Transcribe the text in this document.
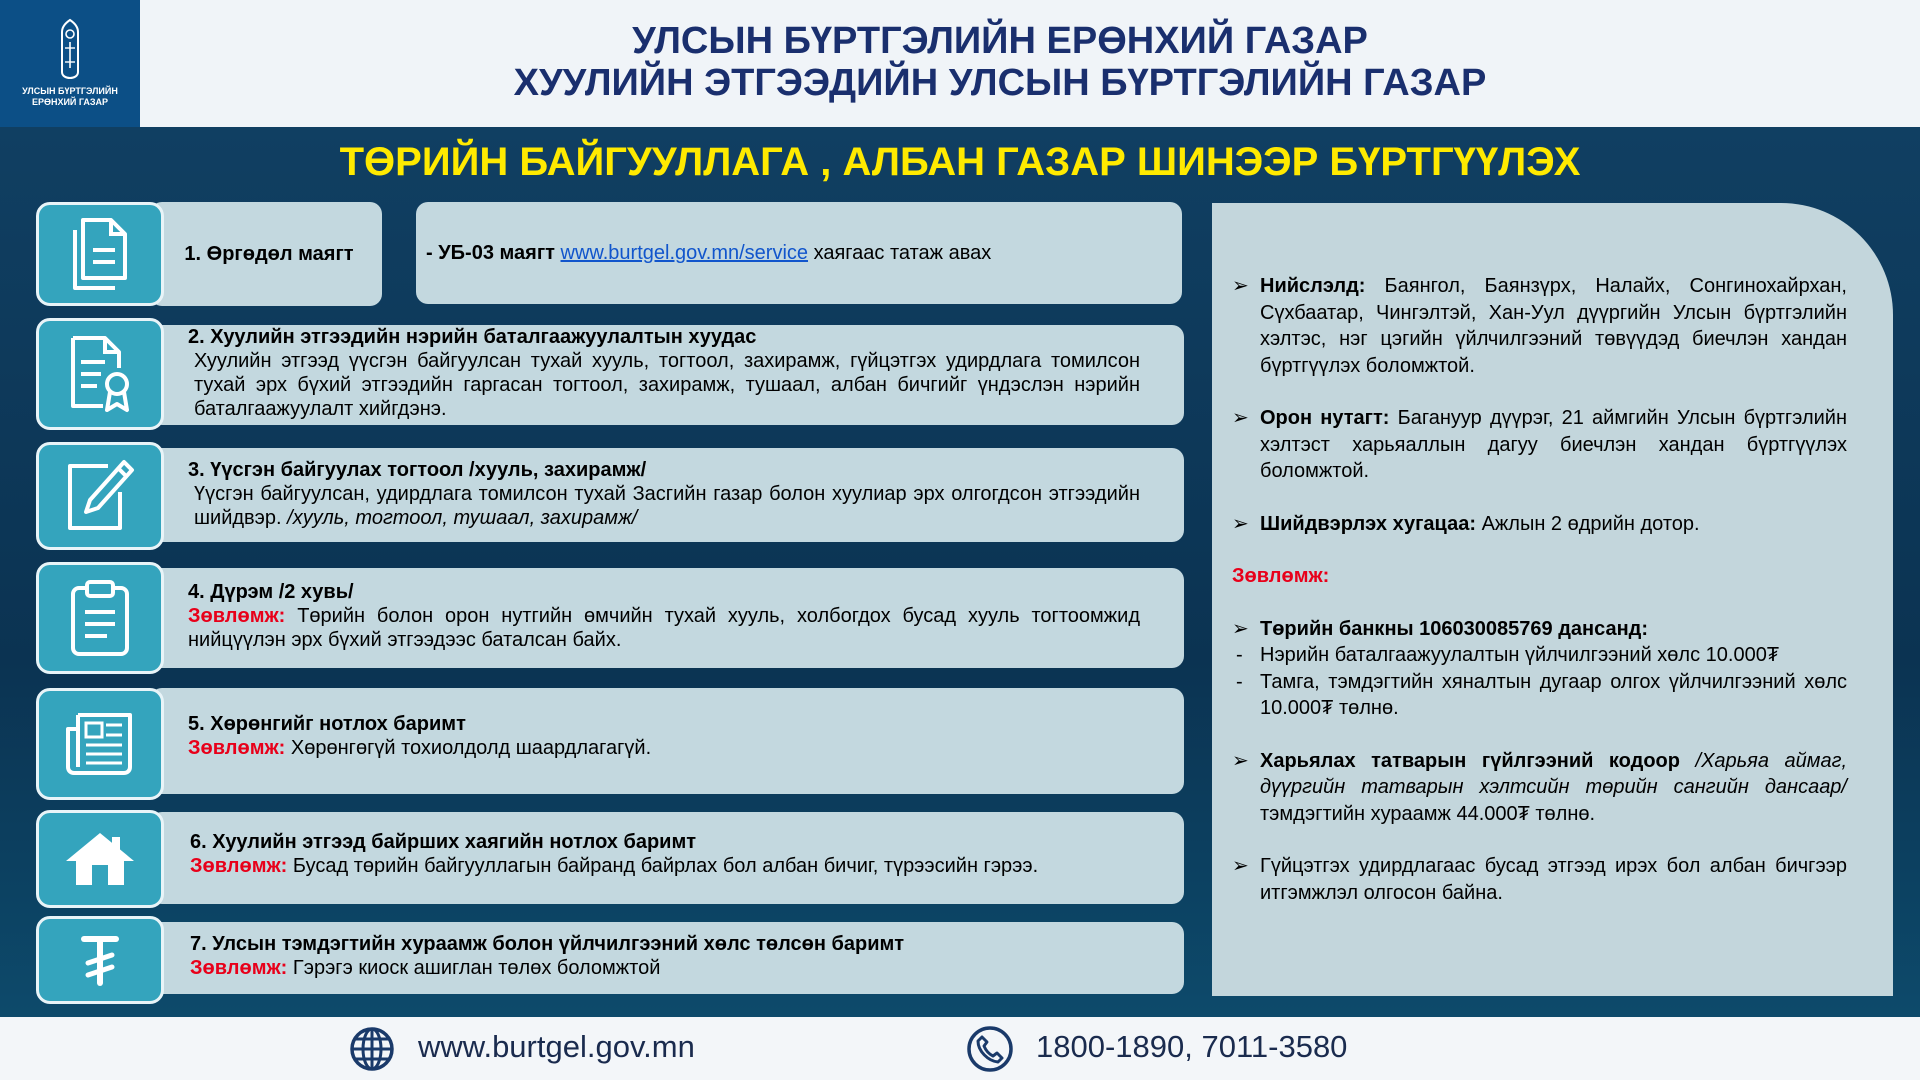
УЛСЫН БҮРТГЭЛИЙН
ЕРӨНХИЙ ГАЗАР
УЛСЫН БҮРТГЭЛИЙН ЕРӨНХИЙ ГАЗАР
ХУУЛИЙН ЭТГЭЭДИЙН УЛСЫН БҮРТГЭЛИЙН ГАЗАР
ТӨРИЙН БАЙГУУЛЛАГА , АЛБАН ГАЗАР ШИНЭЭР БҮРТГҮҮЛЭХ
1. Өргөдөл маягт	- УБ-03 маягт www.burtgel.gov.mn/service хаягаас татаж авах
2. Хуулийн этгээдийн нэрийн баталгаажуулалтын хуудас
Хуулийн этгээд үүсгэн байгуулсан тухай хууль, тогтоол, захирамж, гүйцэтгэх удирдлага томилсон тухай эрх бүхий этгээдийн гаргасан тогтоол, захирамж, тушаал, албан бичгийг үндэслэн нэрийн баталгаажуулалт хийгдэнэ.
3. Үүсгэн байгуулах тогтоол /хууль, захирамж/
Үүсгэн байгуулсан, удирдлага томилсон тухай Засгийн газар болон хуулиар эрх олгогдсон этгээдийн шийдвэр. /хууль, тогтоол, тушаал, захирамж/
4. Дүрэм /2 хувь/
Зөвлөмж: Төрийн болон орон нутгийн өмчийн тухай хууль, холбогдох бусад хууль тогтоомжид нийцүүлэн эрх бүхий этгээдээс баталсан байх.
5. Хөрөнгийг нотлох баримт
Зөвлөмж: Хөрөнгөгүй тохиолдолд шаардлагагүй.
6. Хуулийн этгээд байрших хаягийн нотлох баримт
Зөвлөмж: Бусад төрийн байгууллагын байранд байрлах бол албан бичиг, түрээсийн гэрээ.
7. Улсын тэмдэгтийн хураамж болон үйлчилгээний хөлс төлсөн баримт
Зөвлөмж: Гэрэгэ киоск ашиглан төлөх боломжтой
➢ Нийслэлд: Баянгол, Баянзүрх, Налайх, Сонгинохайрхан, Сүхбаатар, Чингэлтэй, Хан-Уул дүүргийн Улсын бүртгэлийн хэлтэс, нэг цэгийн үйлчилгээний төвүүдэд биечлэн хандан бүртгүүлэх боломжтой.
➢ Орон нутагт: Багануур дүүрэг, 21 аймгийн Улсын бүртгэлийн хэлтэст харьяаллын дагуу биечлэн хандан бүртгүүлэх боломжтой.
➢ Шийдвэрлэх хугацаа: Ажлын 2 өдрийн дотор.
Зөвлөмж:
➢ Төрийн банкны 106030085769 дансанд:
- Нэрийн баталгаажуулалтын үйлчилгээний хөлс 10.000₮
- Тамга, тэмдэгтийн хяналтын дугаар олгох үйлчилгээний хөлс 10.000₮ төлнө.
➢ Харьялах татварын гүйлгээний кодоор /Харьяа аймаг, дүүргийн татварын хэлтсийн төрийн сангийн дансаар/ тэмдэгтийн хураамж 44.000₮ төлнө.
➢ Гүйцэтгэх удирдлагаас бусад этгээд ирэх бол албан бичгээр итгэмжлэл олгосон байна.
www.burtgel.gov.mn	1800-1890, 7011-3580
